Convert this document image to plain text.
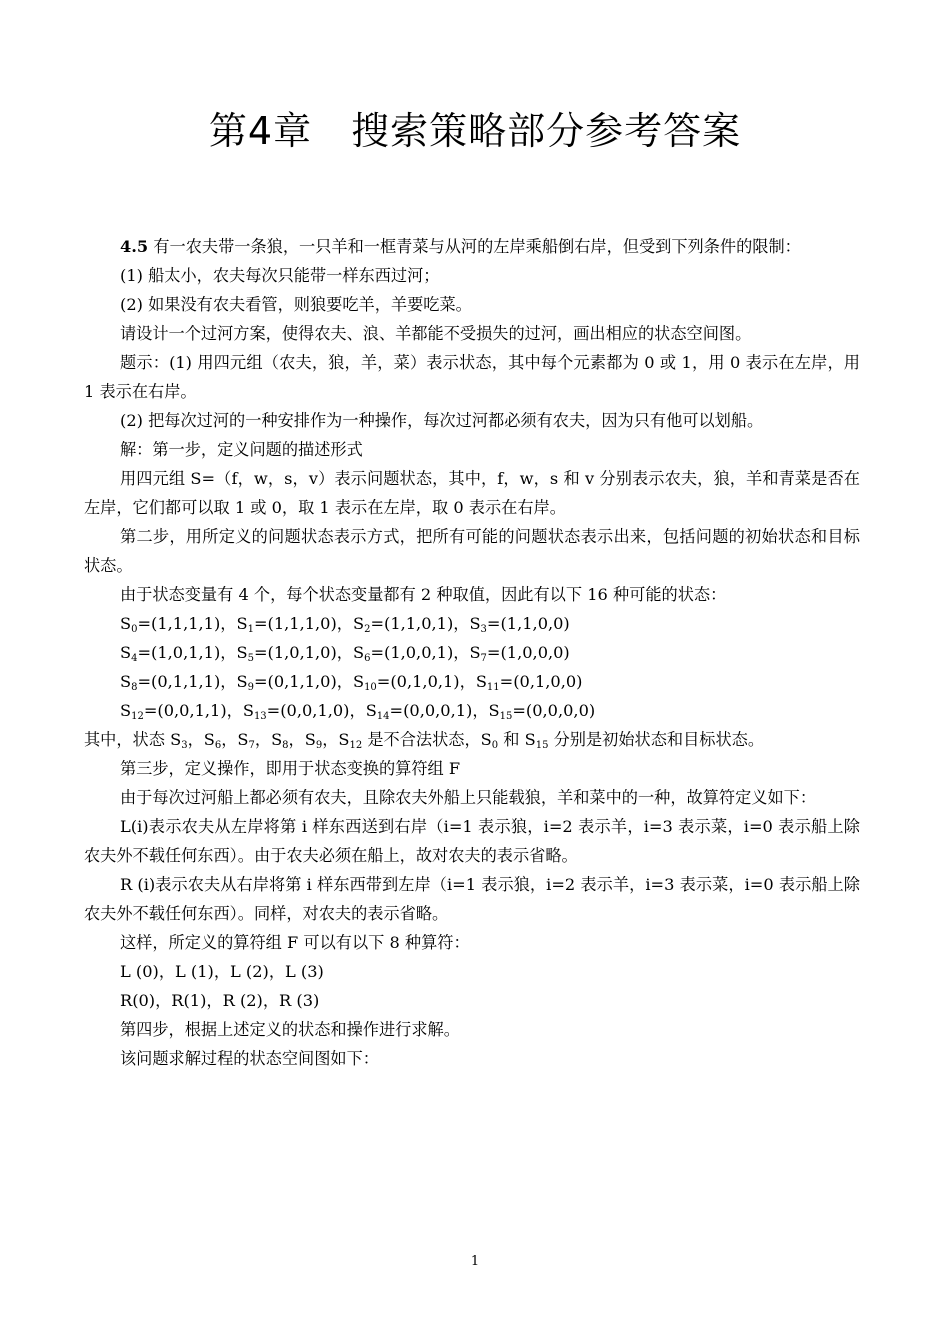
第4章　搜索策略部分参考答案

4.5 有一农夫带一条狼，一只羊和一框青菜与从河的左岸乘船倒右岸，但受到下列条件的限制：

(1) 船太小，农夫每次只能带一样东西过河；

(2) 如果没有农夫看管，则狼要吃羊，羊要吃菜。

请设计一个过河方案，使得农夫、浪、羊都能不受损失的过河，画出相应的状态空间图。

题示：(1) 用四元组（农夫，狼，羊，菜）表示状态，其中每个元素都为 0 或 1，用 0 表示在左岸，用 1 表示在右岸。

(2) 把每次过河的一种安排作为一种操作，每次过河都必须有农夫，因为只有他可以划船。

解：第一步，定义问题的描述形式

用四元组 S=（f，w，s，v）表示问题状态，其中，f，w，s 和 v 分别表示农夫，狼，羊和青菜是否在左岸，它们都可以取 1 或 0，取 1 表示在左岸，取 0 表示在右岸。

第二步，用所定义的问题状态表示方式，把所有可能的问题状态表示出来，包括问题的初始状态和目标状态。

由于状态变量有 4 个，每个状态变量都有 2 种取值，因此有以下 16 种可能的状态：

$S_0=(1,1,1,1)$，$S_1=(1,1,1,0)$，$S_2=(1,1,0,1)$，$S_3=(1,1,0,0)$
$S_4=(1,0,1,1)$，$S_5=(1,0,1,0)$，$S_6=(1,0,0,1)$，$S_7=(1,0,0,0)$
$S_8=(0,1,1,1)$，$S_9=(0,1,1,0)$，$S_{10}=(0,1,0,1)$，$S_{11}=(0,1,0,0)$
$S_{12}=(0,0,1,1)$，$S_{13}=(0,0,1,0)$，$S_{14}=(0,0,0,1)$，$S_{15}=(0,0,0,0)$

其中，状态 $S_3$，$S_6$，$S_7$，$S_8$，$S_9$，$S_{12}$ 是不合法状态，$S_0$ 和 $S_{15}$ 分别是初始状态和目标状态。

第三步，定义操作，即用于状态变换的算符组 F

由于每次过河船上都必须有农夫，且除农夫外船上只能载狼，羊和菜中的一种，故算符定义如下：

L(i)表示农夫从左岸将第 i 样东西送到右岸（i=1 表示狼，i=2 表示羊，i=3 表示菜，i=0 表示船上除农夫外不载任何东西）。由于农夫必须在船上，故对农夫的表示省略。

R (i)表示农夫从右岸将第 i 样东西带到左岸（i=1 表示狼，i=2 表示羊，i=3 表示菜，i=0 表示船上除农夫外不载任何东西）。同样，对农夫的表示省略。

这样，所定义的算符组 F 可以有以下 8 种算符：

L (0)，L (1)，L (2)，L (3)

R(0)，R(1)，R (2)，R (3)

第四步，根据上述定义的状态和操作进行求解。

该问题求解过程的状态空间图如下：

1
